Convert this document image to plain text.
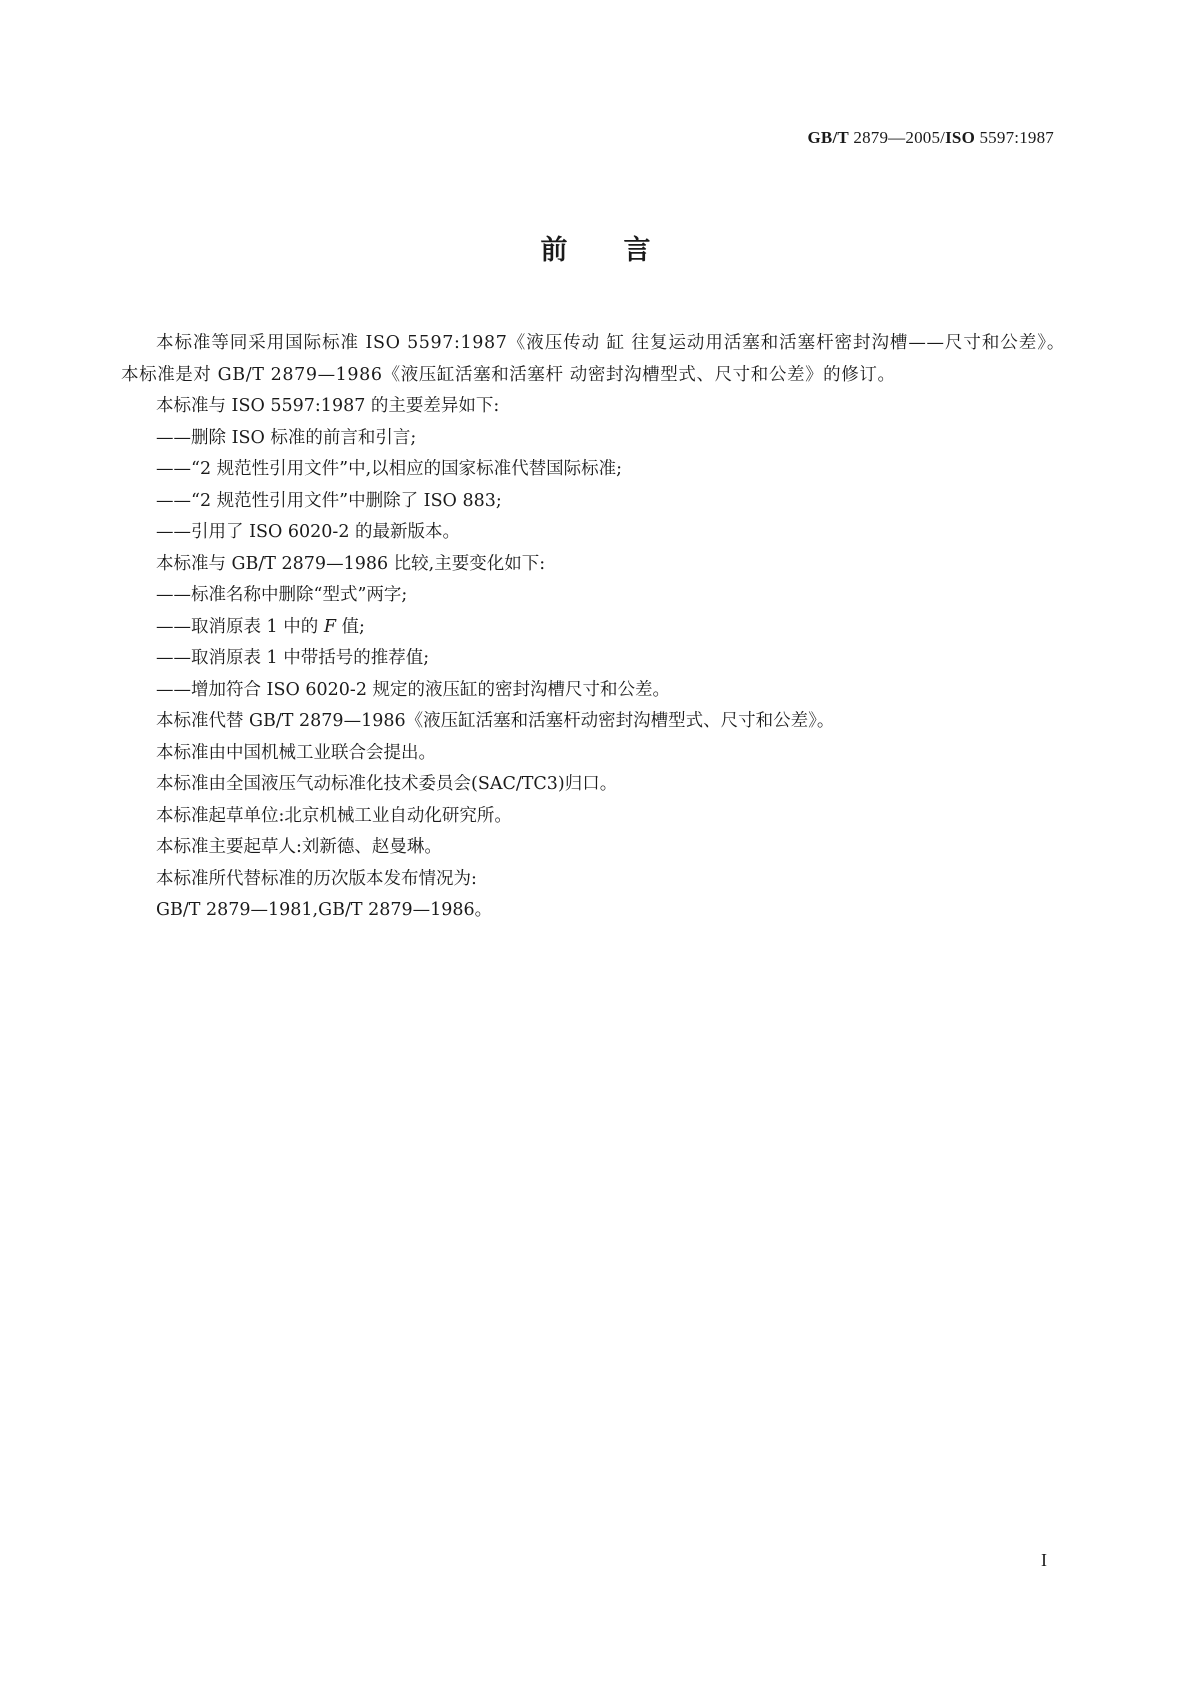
GB/T 2879—2005/ISO 5597:1987
前言

本标准等同采用国际标准 ISO 5597:1987《液压传动 缸 往复运动用活塞和活塞杆密封沟槽——尺寸和公差》。本标准是对 GB/T 2879—1986《液压缸活塞和活塞杆 动密封沟槽型式、尺寸和公差》的修订。

本标准与 ISO 5597:1987 的主要差异如下:

——删除 ISO 标准的前言和引言;

——“2 规范性引用文件”中,以相应的国家标准代替国际标准;

——“2 规范性引用文件”中删除了 ISO 883;

——引用了 ISO 6020-2 的最新版本。

本标准与 GB/T 2879—1986 比较,主要变化如下:

——标准名称中删除“型式”两字;

——取消原表 1 中的 F 值;

——取消原表 1 中带括号的推荐值;

——增加符合 ISO 6020-2 规定的液压缸的密封沟槽尺寸和公差。

本标准代替 GB/T 2879—1986《液压缸活塞和活塞杆动密封沟槽型式、尺寸和公差》。

本标准由中国机械工业联合会提出。

本标准由全国液压气动标准化技术委员会(SAC/TC3)归口。

本标准起草单位:北京机械工业自动化研究所。

本标准主要起草人:刘新德、赵曼琳。

本标准所代替标准的历次版本发布情况为:

GB/T 2879—1981,GB/T 2879—1986。

I
